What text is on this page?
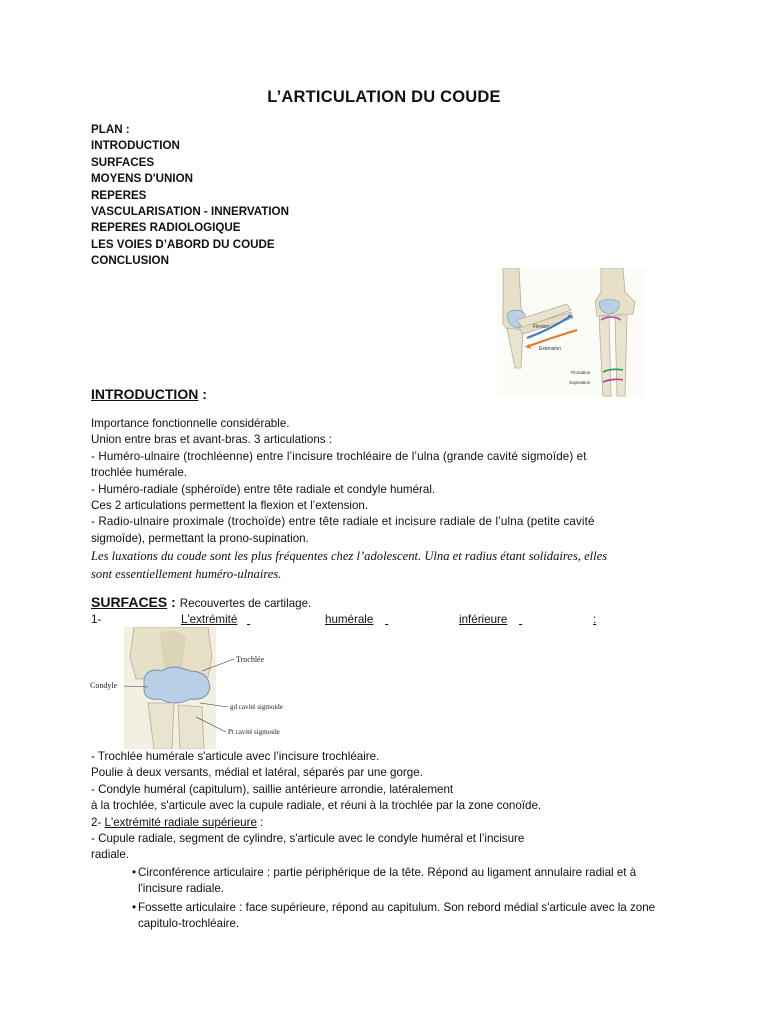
L’ARTICULATION DU COUDE
PLAN :
INTRODUCTION
SURFACES
MOYENS D'UNION
REPERES
VASCULARISATION - INNERVATION
REPERES RADIOLOGIQUE
LES VOIES D’ABORD DU COUDE
CONCLUSION
Flexion
Extension
Pronation
Supination
INTRODUCTION :
Importance fonctionnelle considérable.
Union entre bras et avant-bras. 3 articulations :
- Huméro-ulnaire (trochléenne) entre l’incisure trochléaire de l’ulna (grande cavité sigmoïde) et
trochlée humérale.
- Huméro-radiale (sphéroïde) entre tête radiale et condyle huméral.
Ces 2 articulations permettent la flexion et l’extension.
- Radio-ulnaire proximale (trochoïde) entre tête radiale et incisure radiale de l’ulna (petite cavité
sigmoïde), permettant la prono-supination.
Les luxations du coude sont les plus fréquentes chez l’adolescent. Ulna et radius étant solidaires, elles
sont essentiellement huméro-ulnaires.
SURFACES : Recouvertes de cartilage.
1-	L'extrémité
	humérale
	inférieure
	:
Condyle
Trochlée
gd cavité sigmoide
Pt cavité sigmoide
- Trochlée humérale s'articule avec l’incisure trochléaire.
Poulie à deux versants, médial et latéral, séparés par une gorge.
- Condyle huméral (capitulum), saillie antérieure arrondie, latéralement
à la trochlée, s'articule avec la cupule radiale, et réuni à la trochlée par la zone conoïde.
2- L'extrémité radiale supérieure :
- Cupule radiale, segment de cylindre, s'articule avec le condyle huméral et l’incisure
radiale.
• Circonférence articulaire : partie périphérique de la tête. Répond au ligament annulaire radial et à l'incisure radiale.
• Fossette articulaire : face supérieure, répond au capitulum. Son rebord médial s'articule avec la zone capitulo-trochléaire.
